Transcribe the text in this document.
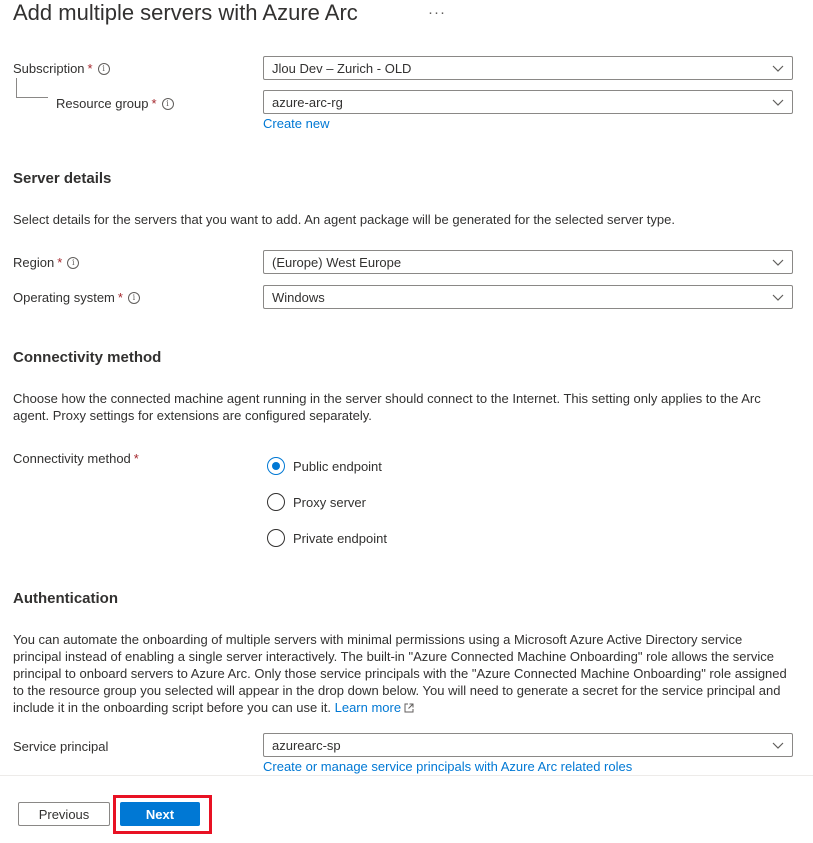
Add multiple servers with Azure Arc	···
Subscription *	i	Jlou Dev – Zurich - OLD
Resource group *	i	azure-arc-rg
Create new
Server details
Select details for the servers that you want to add. An agent package will be generated for the selected server type.
Region *	i	(Europe) West Europe
Operating system *	i	Windows
Connectivity method
Choose how the connected machine agent running in the server should connect to the Internet. This setting only applies to the Arc agent. Proxy settings for extensions are configured separately.
Connectivity method *	Public endpoint
Proxy server
Private endpoint
Authentication
You can automate the onboarding of multiple servers with minimal permissions using a Microsoft Azure Active Directory service principal instead of enabling a single server interactively. The built-in "Azure Connected Machine Onboarding" role allows the service principal to onboard servers to Azure Arc. Only those service principals with the "Azure Connected Machine Onboarding" role assigned to the resource group you selected will appear in the drop down below. You will need to generate a secret for the service principal and include it in the onboarding script before you can use it. Learn more
Service principal	azurearc-sp
Create or manage service principals with Azure Arc related roles
Previous	Next
